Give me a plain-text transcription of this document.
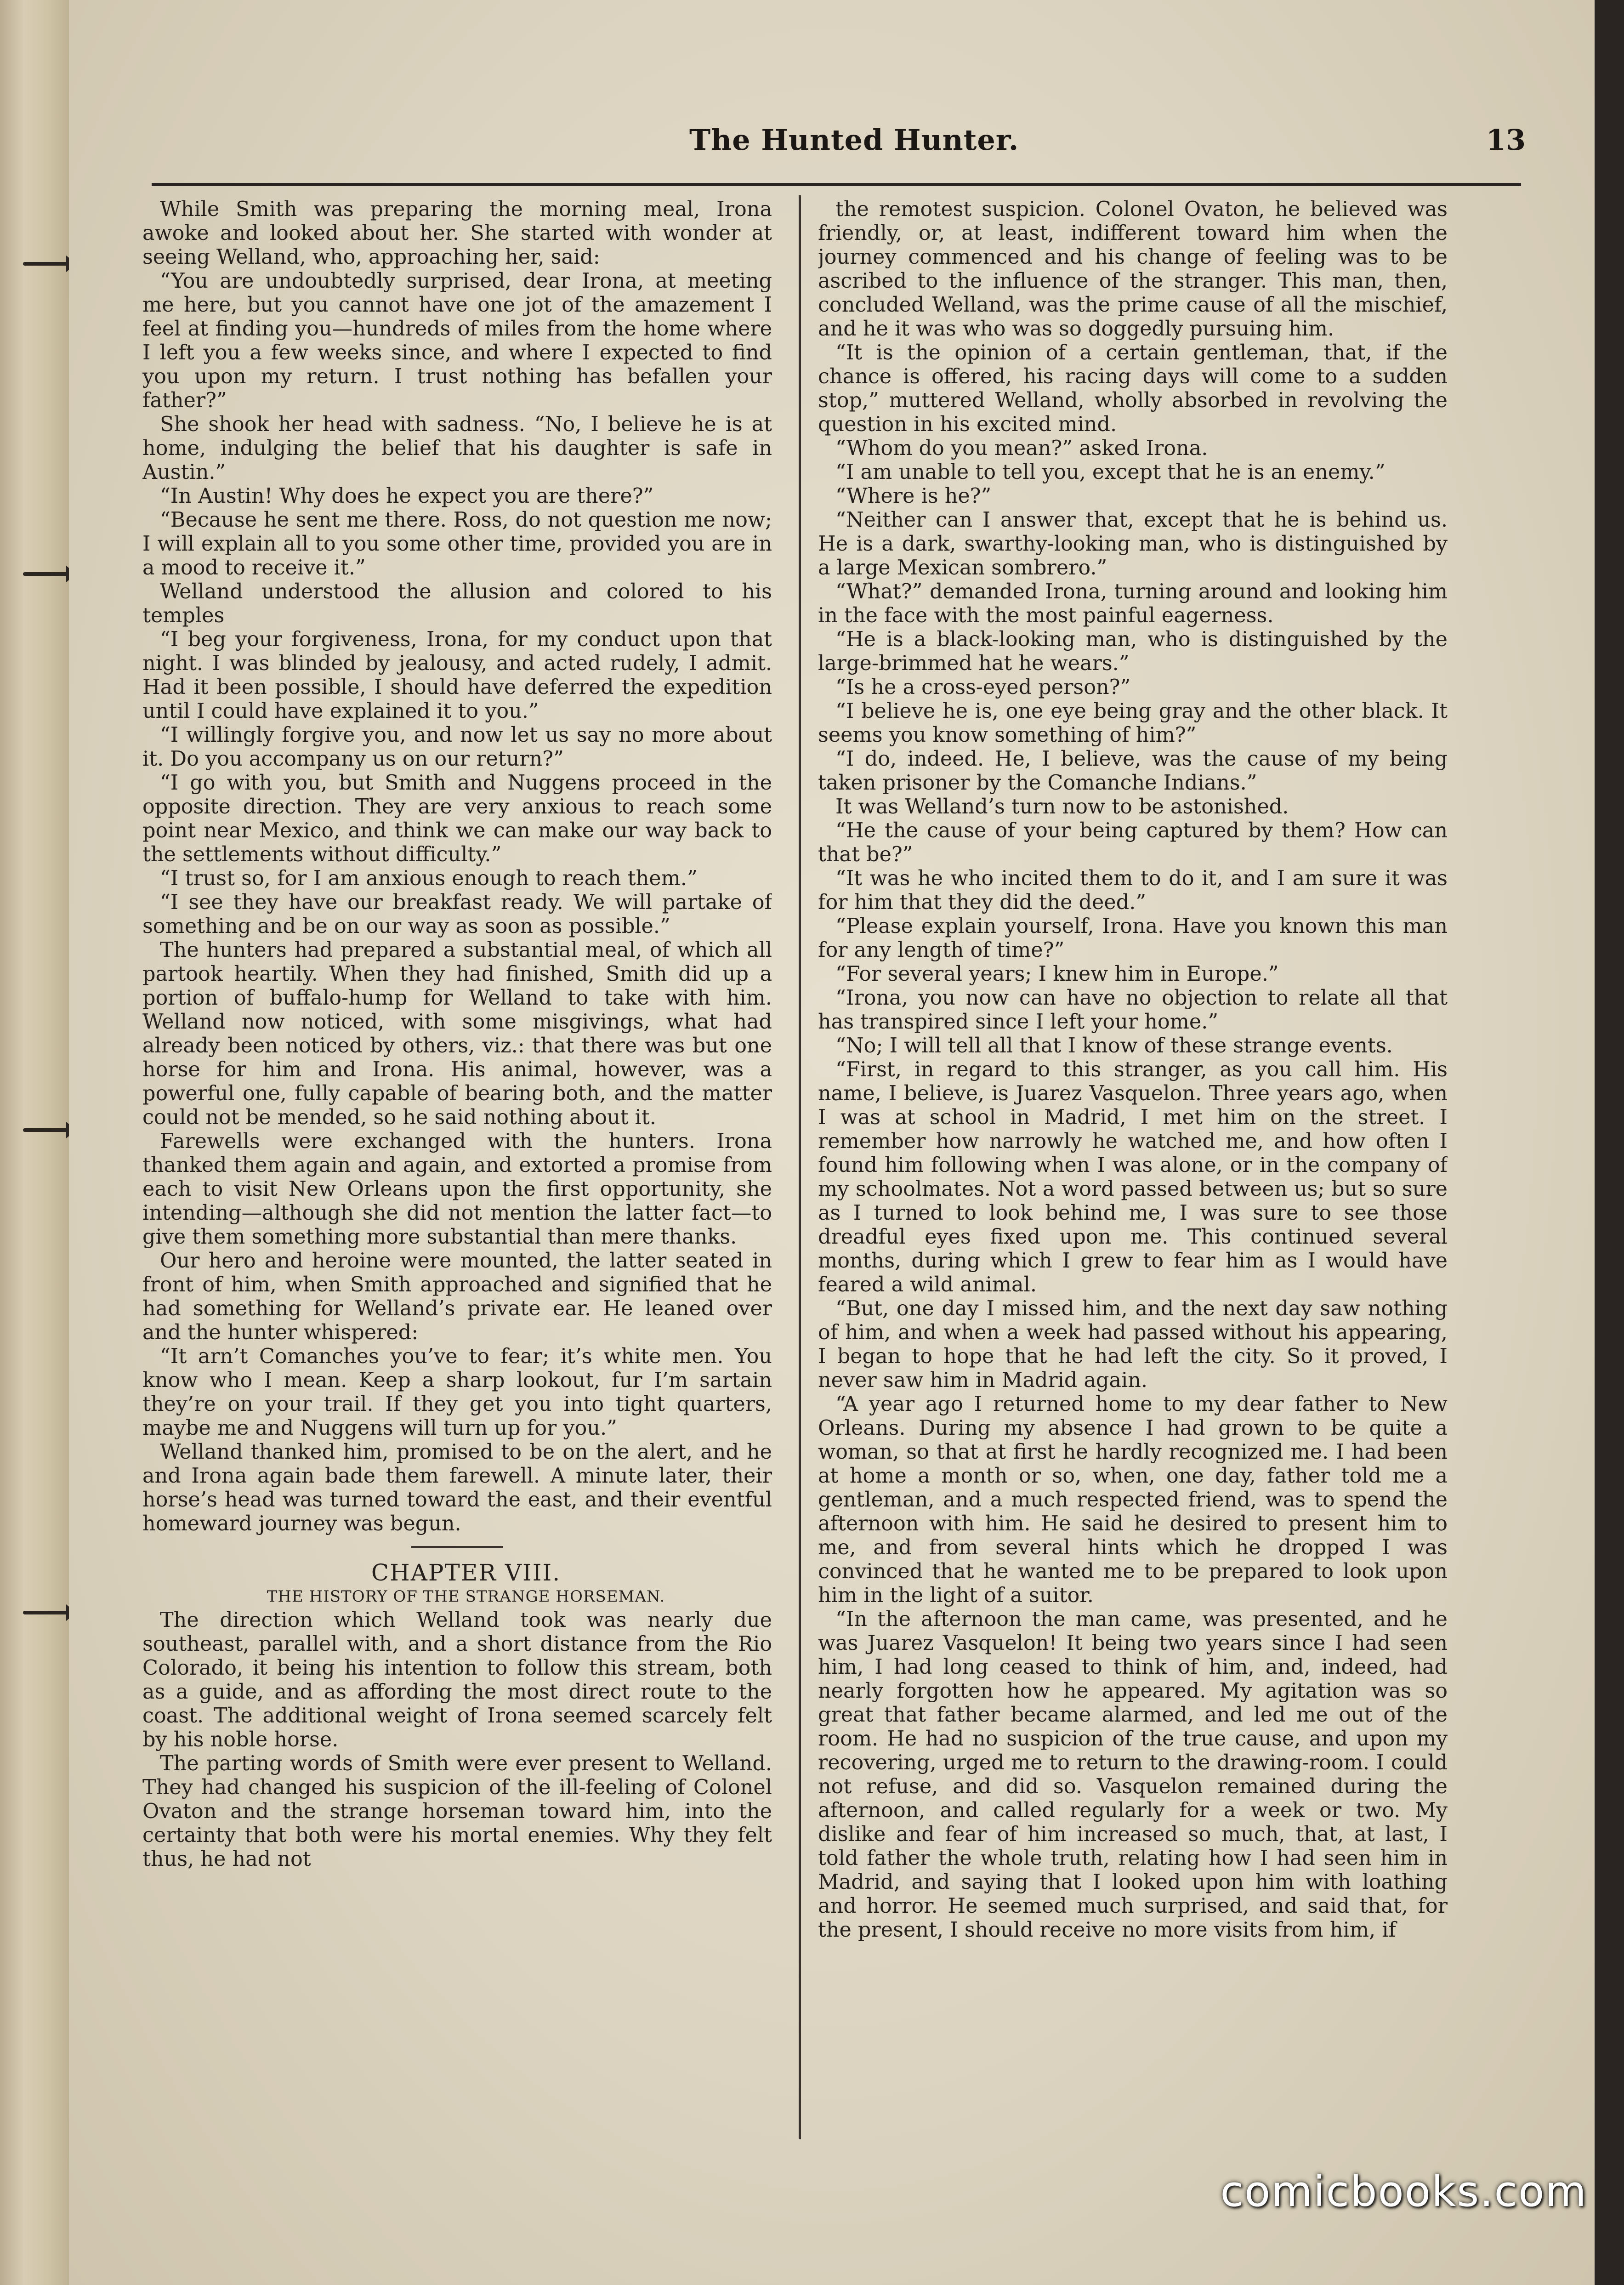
The Hunted Hunter.	13

While Smith was preparing the morning meal, Irona awoke and looked about her. She started with wonder at seeing Welland, who, approaching her, said:

“You are undoubtedly surprised, dear Irona, at meeting me here, but you cannot have one jot of the amazement I feel at finding you—hundreds of miles from the home where I left you a few weeks since, and where I expected to find you upon my return. I trust nothing has befallen your father?”

She shook her head with sadness. “No, I believe he is at home, indulging the belief that his daughter is safe in Austin.”

“In Austin! Why does he expect you are there?”

“Because he sent me there. Ross, do not question me now; I will explain all to you some other time, provided you are in a mood to receive it.”

Welland understood the allusion and colored to his temples

“I beg your forgiveness, Irona, for my conduct upon that night. I was blinded by jealousy, and acted rudely, I admit. Had it been possible, I should have deferred the expedition until I could have explained it to you.”

“I willingly forgive you, and now let us say no more about it. Do you accompany us on our return?”

“I go with you, but Smith and Nuggens proceed in the opposite direction. They are very anxious to reach some point near Mexico, and think we can make our way back to the settlements without difficulty.”

“I trust so, for I am anxious enough to reach them.”

“I see they have our breakfast ready. We will partake of something and be on our way as soon as possible.”

The hunters had prepared a substantial meal, of which all partook heartily. When they had finished, Smith did up a portion of buffalo-hump for Welland to take with him. Welland now noticed, with some misgivings, what had already been noticed by others, viz.: that there was but one horse for him and Irona. His animal, however, was a powerful one, fully capable of bearing both, and the matter could not be mended, so he said nothing about it.

Farewells were exchanged with the hunters. Irona thanked them again and again, and extorted a promise from each to visit New Orleans upon the first opportunity, she intending—although she did not mention the latter fact—to give them something more substantial than mere thanks.

Our hero and heroine were mounted, the latter seated in front of him, when Smith approached and signified that he had something for Welland’s private ear. He leaned over and the hunter whispered:

“It arn’t Comanches you’ve to fear; it’s white men. You know who I mean. Keep a sharp lookout, fur I’m sartain they’re on your trail. If they get you into tight quarters, maybe me and Nuggens will turn up for you.”

Welland thanked him, promised to be on the alert, and he and Irona again bade them farewell. A minute later, their horse’s head was turned toward the east, and their eventful homeward journey was begun.

CHAPTER VIII.

THE HISTORY OF THE STRANGE HORSEMAN.

The direction which Welland took was nearly due southeast, parallel with, and a short distance from the Rio Colorado, it being his intention to follow this stream, both as a guide, and as affording the most direct route to the coast. The additional weight of Irona seemed scarcely felt by his noble horse.

The parting words of Smith were ever present to Welland. They had changed his suspicion of the ill-feeling of Colonel Ovaton and the strange horseman toward him, into the certainty that both were his mortal enemies. Why they felt thus, he had not

the remotest suspicion. Colonel Ovaton, he believed was friendly, or, at least, indifferent toward him when the journey commenced and his change of feeling was to be ascribed to the influence of the stranger. This man, then, concluded Welland, was the prime cause of all the mischief, and he it was who was so doggedly pursuing him.

“It is the opinion of a certain gentleman, that, if the chance is offered, his racing days will come to a sudden stop,” muttered Welland, wholly absorbed in revolving the question in his excited mind.

“Whom do you mean?” asked Irona.

“I am unable to tell you, except that he is an enemy.”

“Where is he?”

“Neither can I answer that, except that he is behind us. He is a dark, swarthy-looking man, who is distinguished by a large Mexican sombrero.”

“What?” demanded Irona, turning around and looking him in the face with the most painful eagerness.

“He is a black-looking man, who is distinguished by the large-brimmed hat he wears.”

“Is he a cross-eyed person?”

“I believe he is, one eye being gray and the other black. It seems you know something of him?”

“I do, indeed. He, I believe, was the cause of my being taken prisoner by the Comanche Indians.”

It was Welland’s turn now to be astonished.

“He the cause of your being captured by them? How can that be?”

“It was he who incited them to do it, and I am sure it was for him that they did the deed.”

“Please explain yourself, Irona. Have you known this man for any length of time?”

“For several years; I knew him in Europe.”

“Irona, you now can have no objection to relate all that has transpired since I left your home.”

“No; I will tell all that I know of these strange events.

“First, in regard to this stranger, as you call him. His name, I believe, is Juarez Vasquelon. Three years ago, when I was at school in Madrid, I met him on the street. I remember how narrowly he watched me, and how often I found him following when I was alone, or in the company of my schoolmates. Not a word passed between us; but so sure as I turned to look behind me, I was sure to see those dreadful eyes fixed upon me. This continued several months, during which I grew to fear him as I would have feared a wild animal.

“But, one day I missed him, and the next day saw nothing of him, and when a week had passed without his appearing, I began to hope that he had left the city. So it proved, I never saw him in Madrid again.

“A year ago I returned home to my dear father to New Orleans. During my absence I had grown to be quite a woman, so that at first he hardly recognized me. I had been at home a month or so, when, one day, father told me a gentleman, and a much respected friend, was to spend the afternoon with him. He said he desired to present him to me, and from several hints which he dropped I was convinced that he wanted me to be prepared to look upon him in the light of a suitor.

“In the afternoon the man came, was presented, and he was Juarez Vasquelon! It being two years since I had seen him, I had long ceased to think of him, and, indeed, had nearly forgotten how he appeared. My agitation was so great that father became alarmed, and led me out of the room. He had no suspicion of the true cause, and upon my recovering, urged me to return to the drawing-room. I could not refuse, and did so. Vasquelon remained during the afternoon, and called regularly for a week or two. My dislike and fear of him increased so much, that, at last, I told father the whole truth, relating how I had seen him in Madrid, and saying that I looked upon him with loathing and horror. He seemed much surprised, and said that, for the present, I should receive no more visits from him, if

comicbooks.com
